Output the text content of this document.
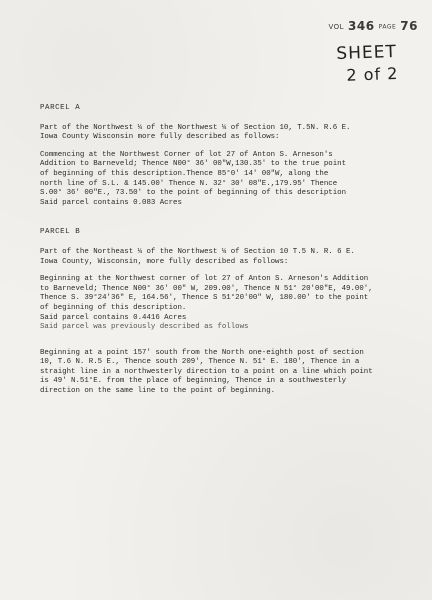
VOL 346 PAGE 76
SHEET
2 of 2
PARCEL A
Part of the Northwest ¼ of the Northwest ¼ of Section 10, T.5N. R.6 E.
Iowa County Wisconsin more fully described as follows:
Commencing at the Northwest Corner of lot 27 of Anton S. Arneson's
Addition to Barneveld; Thence N00° 36' 00"W,130.35' to the true point
of beginning of this description.Thence 85°0' 14' 00"W, along the
north line of S.L. & 145.00' Thence N. 32° 30' 08"E.,179.95' Thence
S.00° 36' 00"E., 73.50' to the point of beginning of this description
Said parcel contains 0.083 Acres
PARCEL B
Part of the Northeast ¼ of the Northwest ¼ of Section 10 T.5 N. R. 6 E.
Iowa County, Wisconsin, more fully described as follows:
Beginning at the Northwest corner of lot 27 of Anton S. Arneson's Addition
to Barneveld; Thence N00° 36' 00" W, 209.00', Thence N 51° 20'00"E, 49.00',
Thence S. 39°24'36" E, 164.56', Thence S 51°20'00" W, 180.00' to the point
of beginning of this description.
Said parcel contains 0.4416 Acres
Said parcel was previously described as follows
Beginning at a point 157' south from the North one-eighth post of section
10, T.6 N. R.5 E., Thence south 209', Thence N. 51° E. 180', Thence in a
straight line in a northwesterly direction to a point on a line which point
is 49' N.51°E. from the place of beginning, Thence in a southwesterly
direction on the same line to the point of beginning.
